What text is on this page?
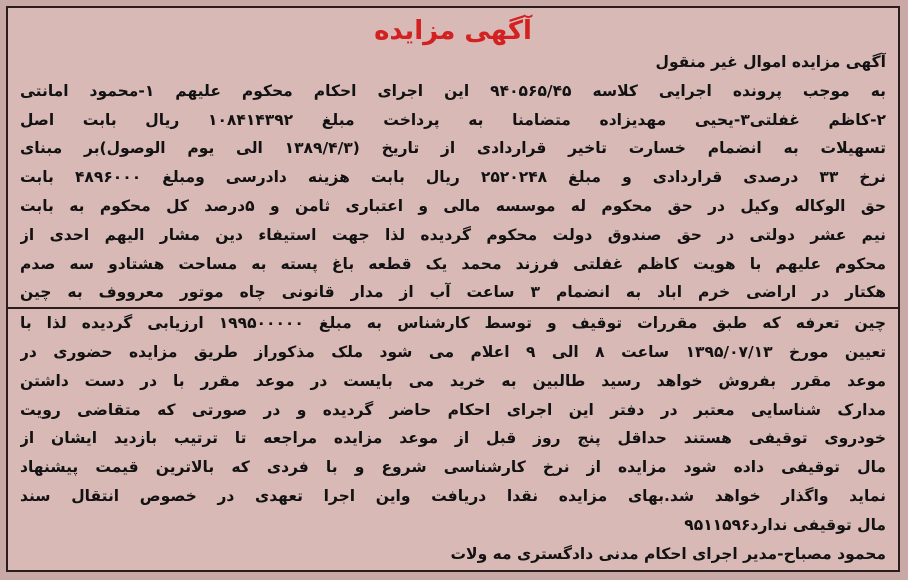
آگهی مزایده
آگهی مزایده اموال غیر منقول
به موجب پرونده اجرایی کلاسه ۹۴۰۵۶۵/۴۵ این اجرای احکام محکوم علیهم ۱-محمود امانتی
۲-کاظم غفلتی۳-یحیی مهدیزاده متضامنا به پرداخت مبلغ ۱۰۸۴۱۴۳۹۲ ریال بابت اصل
تسهیلات به انضمام خسارت تاخیر قراردادی از تاریخ (۱۳۸۹/۴/۳ الی یوم الوصول)بر مبنای
نرخ ۳۳ درصدی قراردادی و مبلغ ۲۵۲۰۲۴۸ ریال بابت هزینه دادرسی ومبلغ ۴۸۹۶۰۰۰ بابت
حق الوکاله وکیل در حق محکوم له موسسه مالی و اعتباری ثامن و ۵درصد کل محکوم به بابت
نیم عشر دولتی در حق صندوق دولت محکوم گردیده لذا جهت استیفاء دین مشار الیهم احدی از
محکوم علیهم با هویت کاظم غفلتی فرزند محمد یک قطعه باغ پسته به مساحت هشتادو سه صدم
هکتار در اراضی خرم اباد به انضمام ۳ ساعت آب از مدار قانونی چاه موتور معرووف به چین
چین تعرفه که طبق مقررات توقیف و توسط کارشناس به مبلغ ۱۹۹۵۰۰۰۰۰ ارزیابی گردیده لذا با
تعیین مورخ ۱۳۹۵/۰۷/۱۳ ساعت ۸ الی ۹ اعلام می شود ملک مذکوراز طریق مزایده حضوری در
موعد مقرر بفروش خواهد رسید طالبین به خرید می بایست در موعد مقرر با در دست داشتن
مدارک شناسایی معتبر در دفتر این اجرای احکام حاضر گردیده و در صورتی که متقاضی رویت
خودروی توقیفی هستند حداقل پنج روز قبل از موعد مزایده مراجعه تا ترتیب بازدید ایشان از
مال توقیفی داده شود مزایده از نرخ کارشناسی شروع و با فردی که بالاترین قیمت پیشنهاد
نماید واگذار خواهد شد.بهای مزایده نقدا دریافت واین اجرا تعهدی در خصوص انتقال سند
مال توقیفی ندارد۹۵۱۱۵۹۶
محمود مصباح-مدیر اجرای احکام مدنی دادگستری مه ولات
